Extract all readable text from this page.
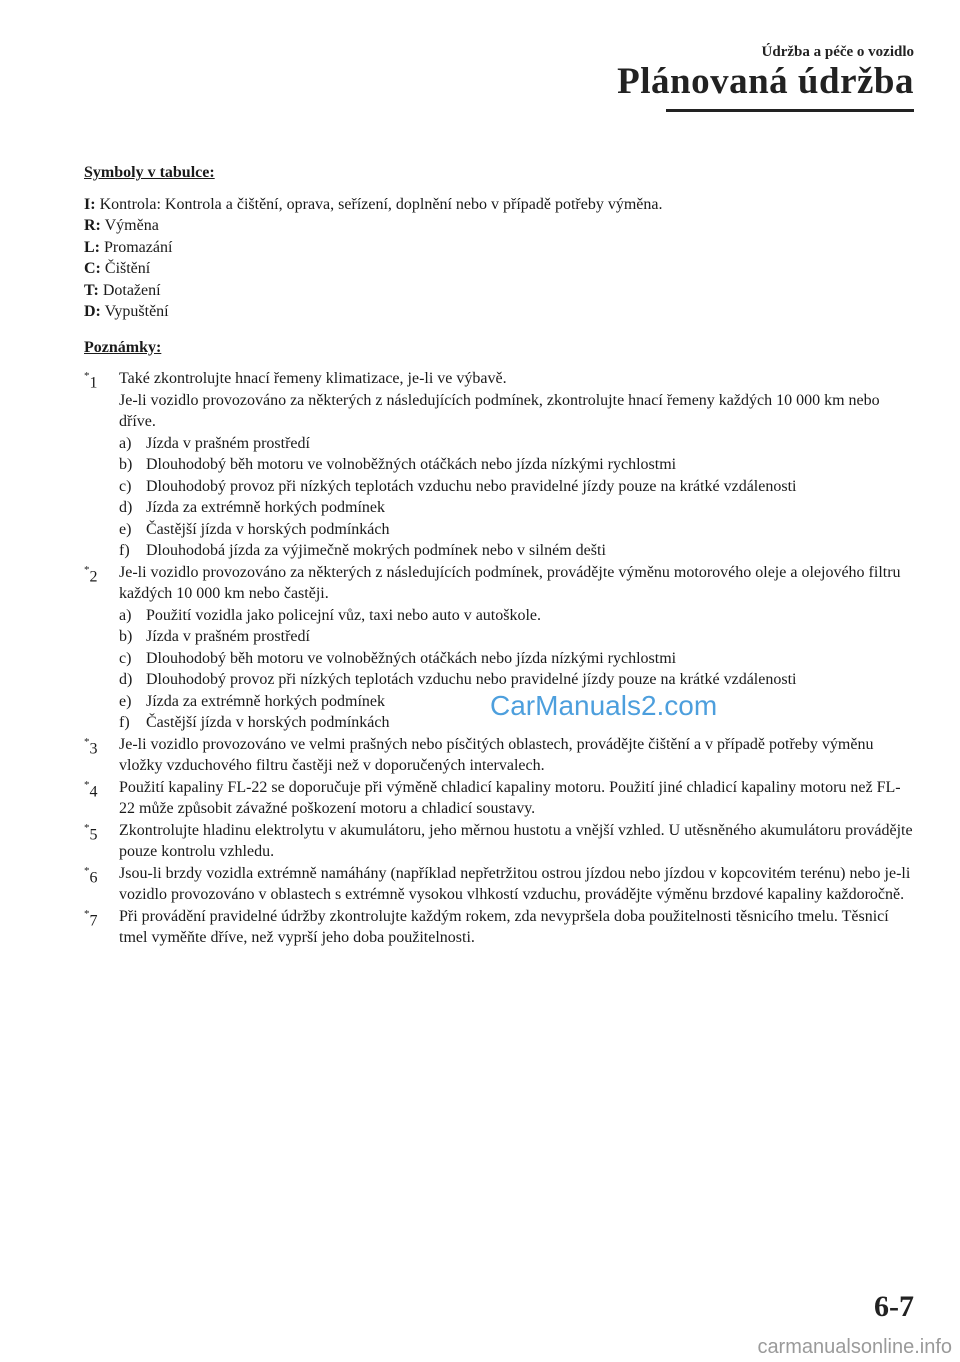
Údržba a péče o vozidlo
Plánovaná údržba
Symboly v tabulce:
I: Kontrola: Kontrola a čištění, oprava, seřízení, doplnění nebo v případě potřeby výměna.
R: Výměna
L: Promazání
C: Čištění
T: Dotažení
D: Vypuštění
Poznámky:
*1 Také zkontrolujte hnací řemeny klimatizace, je-li ve výbavě.
Je-li vozidlo provozováno za některých z následujících podmínek, zkontrolujte hnací řemeny každých 10 000 km nebo dříve.
a) Jízda v prašném prostředí
b) Dlouhodobý běh motoru ve volnoběžných otáčkách nebo jízda nízkými rychlostmi
c) Dlouhodobý provoz při nízkých teplotách vzduchu nebo pravidelné jízdy pouze na krátké vzdálenosti
d) Jízda za extrémně horkých podmínek
e) Častější jízda v horských podmínkách
f) Dlouhodobá jízda za výjimečně mokrých podmínek nebo v silném dešti
*2 Je-li vozidlo provozováno za některých z následujících podmínek, provádějte výměnu motorového oleje a olejového filtru každých 10 000 km nebo častěji.
a) Použití vozidla jako policejní vůz, taxi nebo auto v autoškole.
b) Jízda v prašném prostředí
c) Dlouhodobý běh motoru ve volnoběžných otáčkách nebo jízda nízkými rychlostmi
d) Dlouhodobý provoz při nízkých teplotách vzduchu nebo pravidelné jízdy pouze na krátké vzdálenosti
e) Jízda za extrémně horkých podmínek
f) Častější jízda v horských podmínkách
*3 Je-li vozidlo provozováno ve velmi prašných nebo písčitých oblastech, provádějte čištění a v případě potřeby výměnu vložky vzduchového filtru častěji než v doporučených intervalech.
*4 Použití kapaliny FL-22 se doporučuje při výměně chladicí kapaliny motoru. Použití jiné chladicí kapaliny motoru než FL-22 může způsobit závažné poškození motoru a chladicí soustavy.
*5 Zkontrolujte hladinu elektrolytu v akumulátoru, jeho měrnou hustotu a vnější vzhled. U utěsněného akumulátoru provádějte pouze kontrolu vzhledu.
*6 Jsou-li brzdy vozidla extrémně namáhány (například nepřetržitou ostrou jízdou nebo jízdou v kopcovitém terénu) nebo je-li vozidlo provozováno v oblastech s extrémně vysokou vlhkostí vzduchu, provádějte výměnu brzdové kapaliny každoročně.
*7 Při provádění pravidelné údržby zkontrolujte každým rokem, zda nevypršela doba použitelnosti těsnicího tmelu. Těsnicí tmel vyměňte dříve, než vyprší jeho doba použitelnosti.
CarManuals2.com
6-7
carmanualsonline.info
